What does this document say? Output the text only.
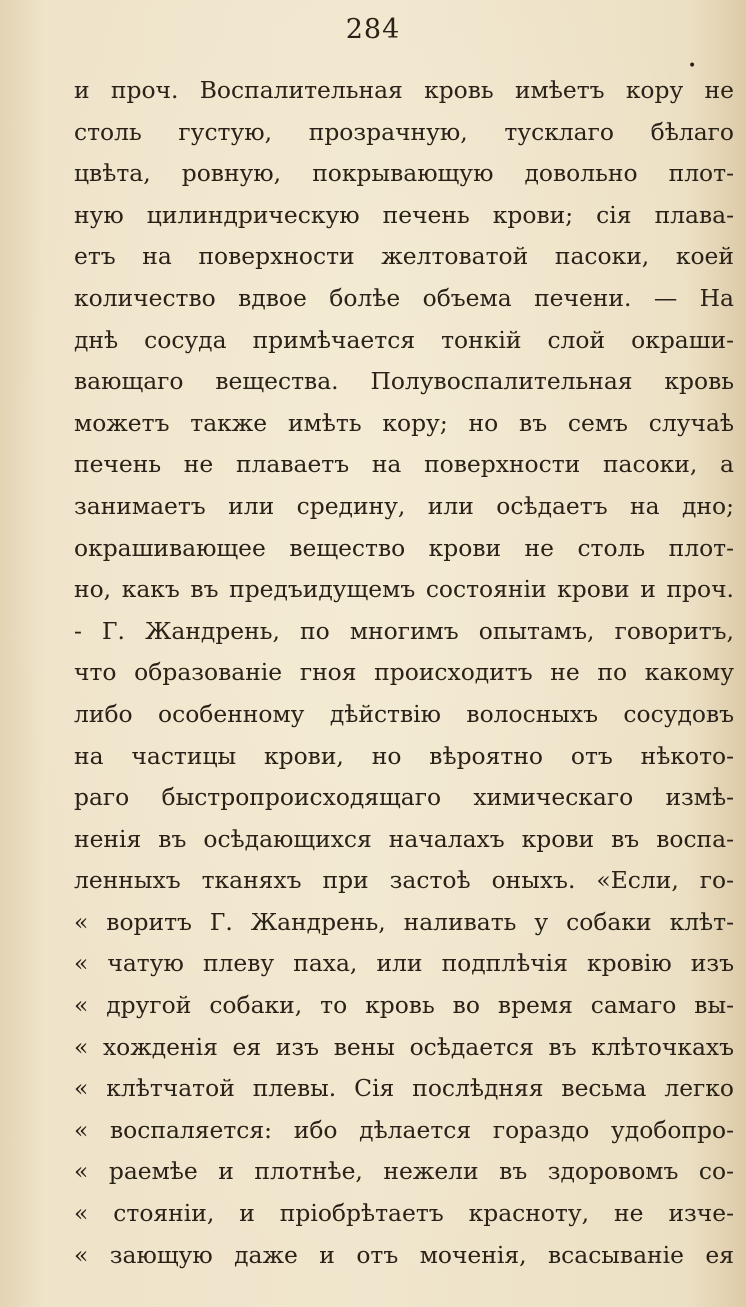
284
•
и проч. Воспалительная кровь имѣетъ кору не
столь густую, прозрачную, тусклаго бѣлаго
цвѣта, ровную, покрывающую довольно плот-
ную цилиндрическую печень крови; сія плава-
етъ на поверхности желтоватой пасоки, коей
количество вдвое болѣе объема печени. — На
днѣ сосуда примѣчается тонкій слой окраши-
вающаго вещества. Полувоспалительная кровь
можетъ также имѣть кору; но въ семъ случаѣ
печень не плаваетъ на поверхности пасоки, а
занимаетъ или средину, или осѣдаетъ на дно;
окрашивающее вещество крови не столь плот-
но, какъ въ предъидущемъ состояніи крови и проч.
- Г. Жандрень, по многимъ опытамъ, говоритъ,
что образованіе гноя происходитъ не по какому
либо особенному дѣйствію волосныхъ сосудовъ
на частицы крови, но вѣроятно отъ нѣкото-
раго быстропроисходящаго химическаго измѣ-
ненія въ осѣдающихся началахъ крови въ воспа-
ленныхъ тканяхъ при застоѣ оныхъ. «Если, го-
« воритъ Г. Жандрень, наливать у собаки клѣт-
« чатую плеву паха, или подплѣчія кровію изъ
« другой собаки, то кровь во время самаго вы-
« хожденія ея изъ вены осѣдается въ клѣточкахъ
« клѣтчатой плевы. Сія послѣдняя весьма легко
« воспаляется: ибо дѣлается гораздо удобопро-
« раемѣе и плотнѣе, нежели въ здоровомъ со-
« стояніи, и пріобрѣтаетъ красноту, не изче-
« зающую даже и отъ моченія, всасываніе ея
